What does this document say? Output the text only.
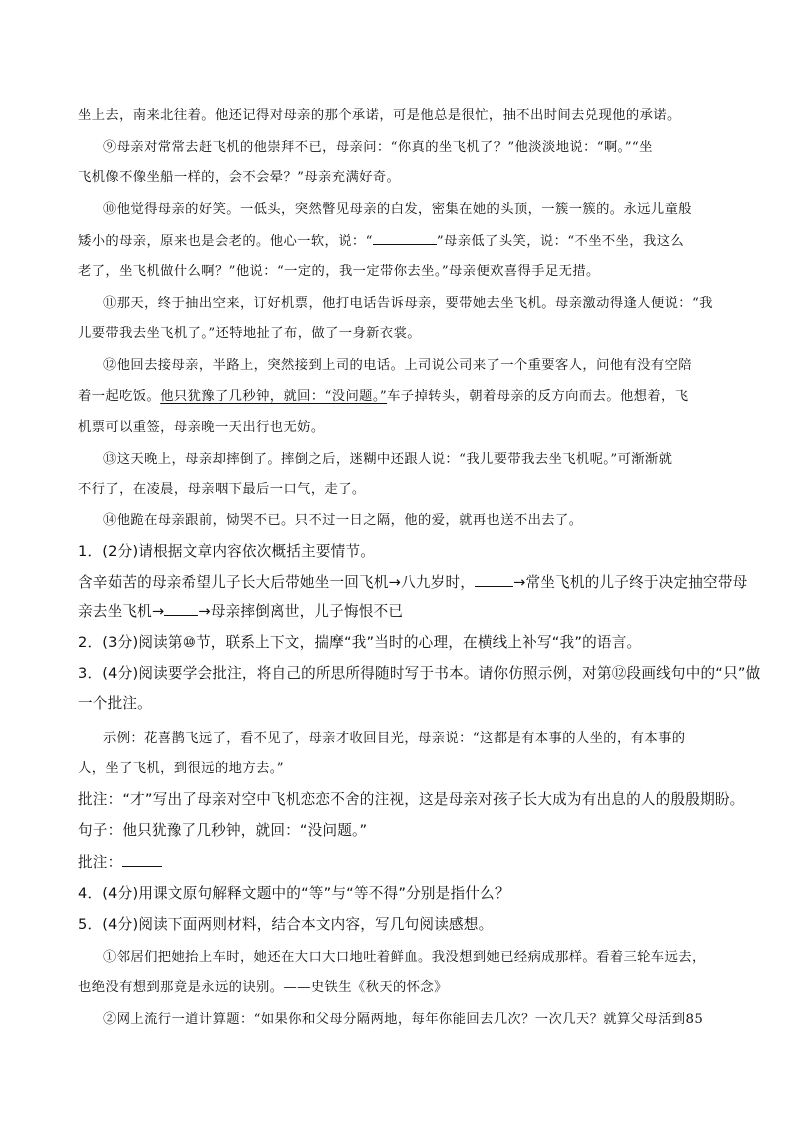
坐上去，南来北往着。他还记得对母亲的那个承诺，可是他总是很忙，抽不出时间去兑现他的承诺。

⑨母亲对常常去赶飞机的他崇拜不已，母亲问：“你真的坐飞机了？”他淡淡地说：“啊。”“坐

飞机像不像坐船一样的，会不会晕？”母亲充满好奇。

⑩他觉得母亲的好笑。一低头，突然瞥见母亲的白发，密集在她的头顶，一簇一簇的。永远儿童般

矮小的母亲，原来也是会老的。他心一软，说：“	”母亲低了头笑，说：“不坐不坐，我这么

老了，坐飞机做什么啊？”他说：“一定的，我一定带你去坐。”母亲便欢喜得手足无措。

⑪那天，终于抽出空来，订好机票，他打电话告诉母亲，要带她去坐飞机。母亲激动得逢人便说：“我

儿要带我去坐飞机了。”还特地扯了布，做了一身新衣裳。

⑫他回去接母亲，半路上，突然接到上司的电话。上司说公司来了一个重要客人，问他有没有空陪

着一起吃饭。他只犹豫了几秒钟，就回：“没问题。”车子掉转头，朝着母亲的反方向而去。他想着，飞

机票可以重签，母亲晚一天出行也无妨。

⑬这天晚上，母亲却摔倒了。摔倒之后，迷糊中还跟人说：“我儿要带我去坐飞机呢。”可渐渐就

不行了，在凌晨，母亲咽下最后一口气，走了。

⑭他跪在母亲跟前，恸哭不已。只不过一日之隔，他的爱，就再也送不出去了。

1．(2分)请根据文章内容依次概括主要情节。

含辛茹苦的母亲希望儿子长大后带她坐一回飞机→八九岁时，	→常坐飞机的儿子终于决定抽空带母

亲去坐飞机→ →母亲摔倒离世，儿子悔恨不已

2．(3分)阅读第⑩节，联系上下文，揣摩“我”当时的心理，在横线上补写“我”的语言。

3．(4分)阅读要学会批注，将自己的所思所得随时写于书本。请你仿照示例，对第⑫段画线句中的“只”做

一个批注。

示例：花喜鹊飞远了，看不见了，母亲才收回目光，母亲说：“这都是有本事的人坐的，有本事的

人，坐了飞机，到很远的地方去。”

批注：“才”写出了母亲对空中飞机恋恋不舍的注视，这是母亲对孩子长大成为有出息的人的殷殷期盼。

句子：他只犹豫了几秒钟，就回：“没问题。”

批注：

4．(4分)用课文原句解释文题中的“等”与“等不得”分别是指什么？

5．(4分)阅读下面两则材料，结合本文内容，写几句阅读感想。

①邻居们把她抬上车时，她还在大口大口地吐着鲜血。我没想到她已经病成那样。看着三轮车远去，

也绝没有想到那竟是永远的诀别。——史铁生《秋天的怀念》

②网上流行一道计算题：“如果你和父母分隔两地，每年你能回去几次？一次几天？就算父母活到85
